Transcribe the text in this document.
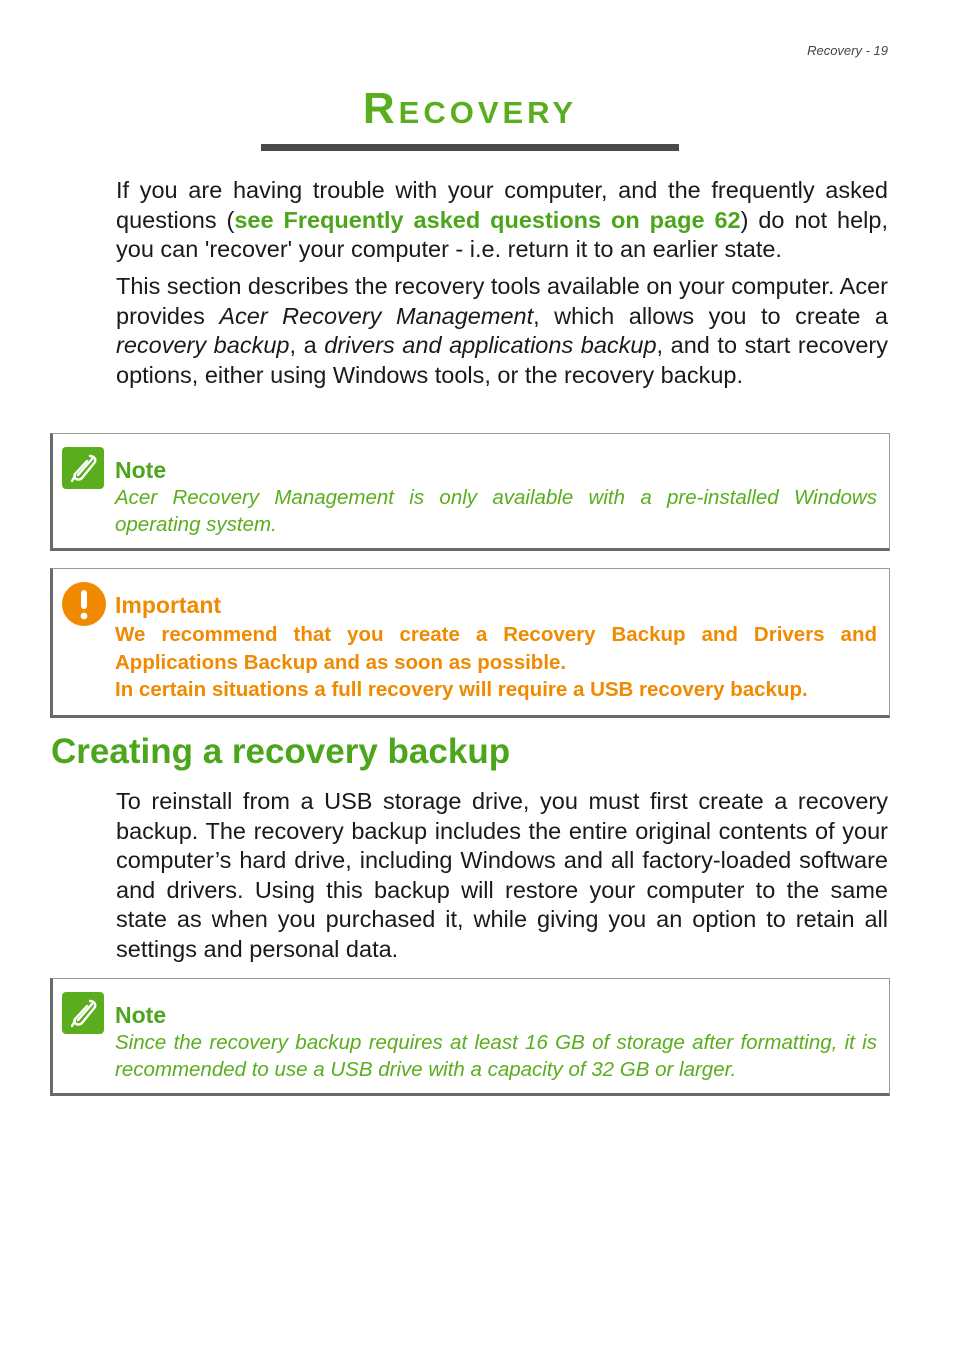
Recovery - 19
Recovery
If you are having trouble with your computer, and the frequently asked questions (see Frequently asked questions on page 62) do not help, you can 'recover' your computer - i.e. return it to an earlier state.
This section describes the recovery tools available on your computer. Acer provides Acer Recovery Management, which allows you to create a recovery backup, a drivers and applications backup, and to start recovery options, either using Windows tools, or the recovery backup.
Note
Acer Recovery Management is only available with a pre-installed Windows operating system.
Important
We recommend that you create a Recovery Backup and Drivers and Applications Backup and as soon as possible.
In certain situations a full recovery will require a USB recovery backup.
Creating a recovery backup
To reinstall from a USB storage drive, you must first create a recovery backup. The recovery backup includes the entire original contents of your computer’s hard drive, including Windows and all factory-loaded software and drivers. Using this backup will restore your computer to the same state as when you purchased it, while giving you an option to retain all settings and personal data.
Note
Since the recovery backup requires at least 16 GB of storage after formatting, it is recommended to use a USB drive with a capacity of 32 GB or larger.
